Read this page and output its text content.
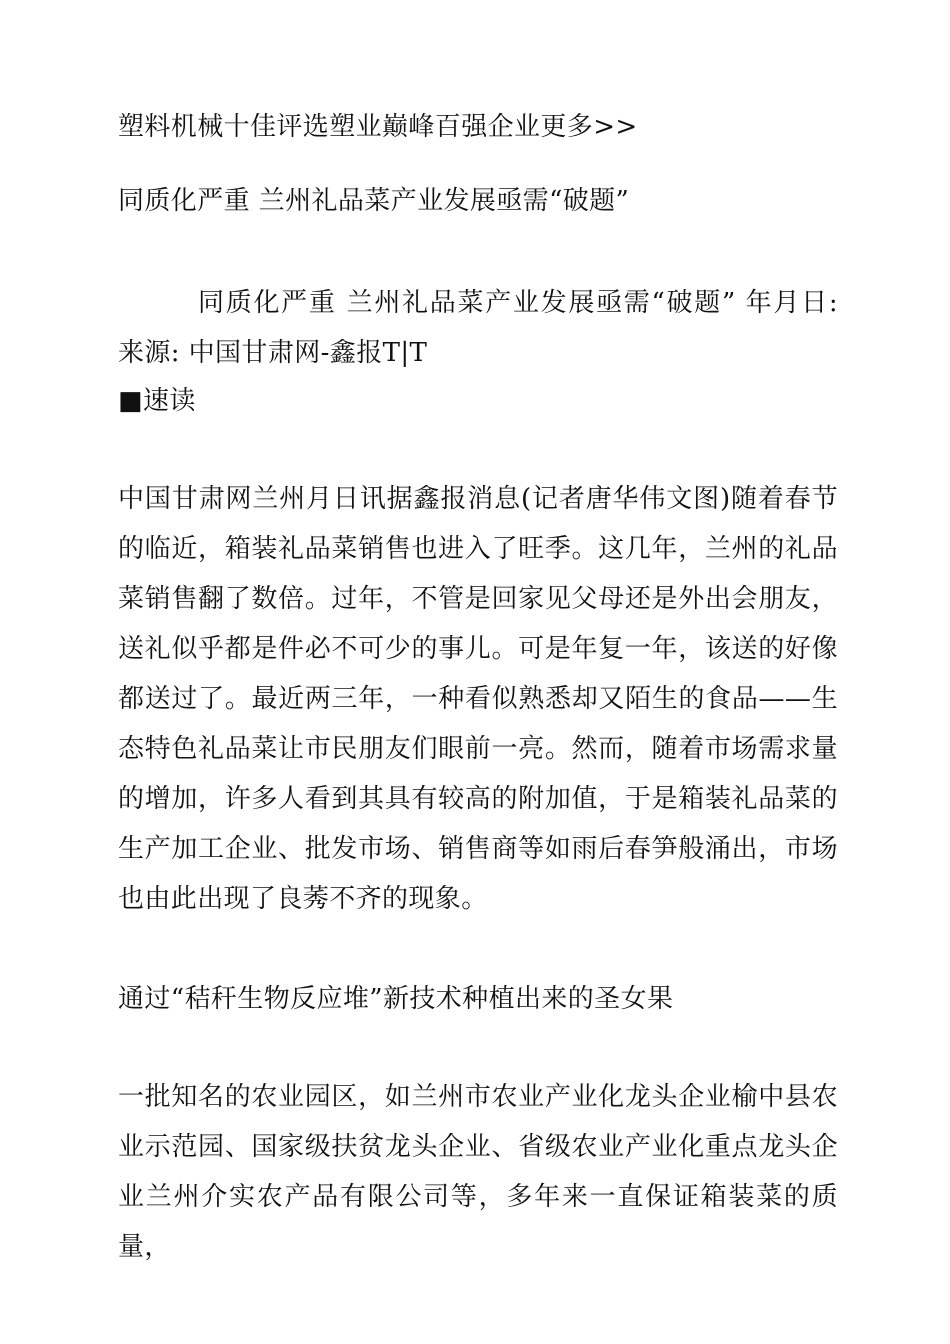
塑料机械十佳评选塑业巅峰百强企业更多>>
同质化严重 兰州礼品菜产业发展亟需“破题”
同质化严重 兰州礼品菜产业发展亟需“破题” 年月日: 来源: 中国甘肃网-鑫报T|T
■速读
中国甘肃网兰州月日讯据鑫报消息(记者唐华伟文图)随着春节的临近，箱装礼品菜销售也进入了旺季。这几年，兰州的礼品菜销售翻了数倍。过年，不管是回家见父母还是外出会朋友，送礼似乎都是件必不可少的事儿。可是年复一年，该送的好像都送过了。最近两三年，一种看似熟悉却又陌生的食品——生态特色礼品菜让市民朋友们眼前一亮。然而，随着市场需求量的增加，许多人看到其具有较高的附加值，于是箱装礼品菜的生产加工企业、批发市场、销售商等如雨后春笋般涌出，市场也由此出现了良莠不齐的现象。
通过“秸秆生物反应堆”新技术种植出来的圣女果
一批知名的农业园区，如兰州市农业产业化龙头企业榆中县农业示范园、国家级扶贫龙头企业、省级农业产业化重点龙头企业兰州介实农产品有限公司等，多年来一直保证箱装菜的质量，
